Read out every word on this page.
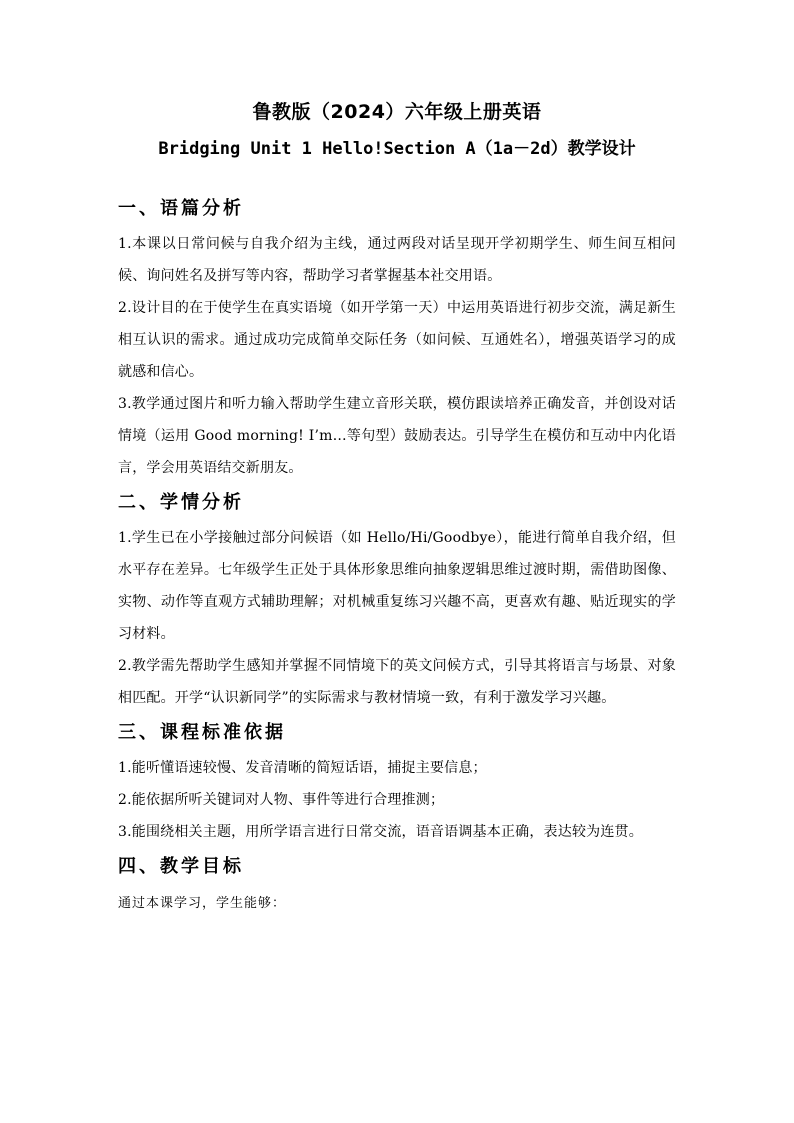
鲁教版（2024）六年级上册英语
Bridging Unit 1 Hello!Section A（1a－2d）教学设计
一、语篇分析

1.本课以日常问候与自我介绍为主线，通过两段对话呈现开学初期学生、师生间互相问候、询问姓名及拼写等内容，帮助学习者掌握基本社交用语。

2.设计目的在于使学生在真实语境（如开学第一天）中运用英语进行初步交流，满足新生相互认识的需求。通过成功完成简单交际任务（如问候、互通姓名），增强英语学习的成就感和信心。

3.教学通过图片和听力输入帮助学生建立音形关联，模仿跟读培养正确发音，并创设对话情境（运用 Good morning! I’m…等句型）鼓励表达。引导学生在模仿和互动中内化语言，学会用英语结交新朋友。

二、学情分析

1.学生已在小学接触过部分问候语（如 Hello/Hi/Goodbye），能进行简单自我介绍，但水平存在差异。七年级学生正处于具体形象思维向抽象逻辑思维过渡时期，需借助图像、实物、动作等直观方式辅助理解；对机械重复练习兴趣不高，更喜欢有趣、贴近现实的学习材料。

2.教学需先帮助学生感知并掌握不同情境下的英文问候方式，引导其将语言与场景、对象相匹配。开学“认识新同学”的实际需求与教材情境一致，有利于激发学习兴趣。

三、课程标准依据

1.能听懂语速较慢、发音清晰的简短话语，捕捉主要信息；

2.能依据所听关键词对人物、事件等进行合理推测；

3.能围绕相关主题，用所学语言进行日常交流，语音语调基本正确，表达较为连贯。

四、教学目标

通过本课学习，学生能够：
